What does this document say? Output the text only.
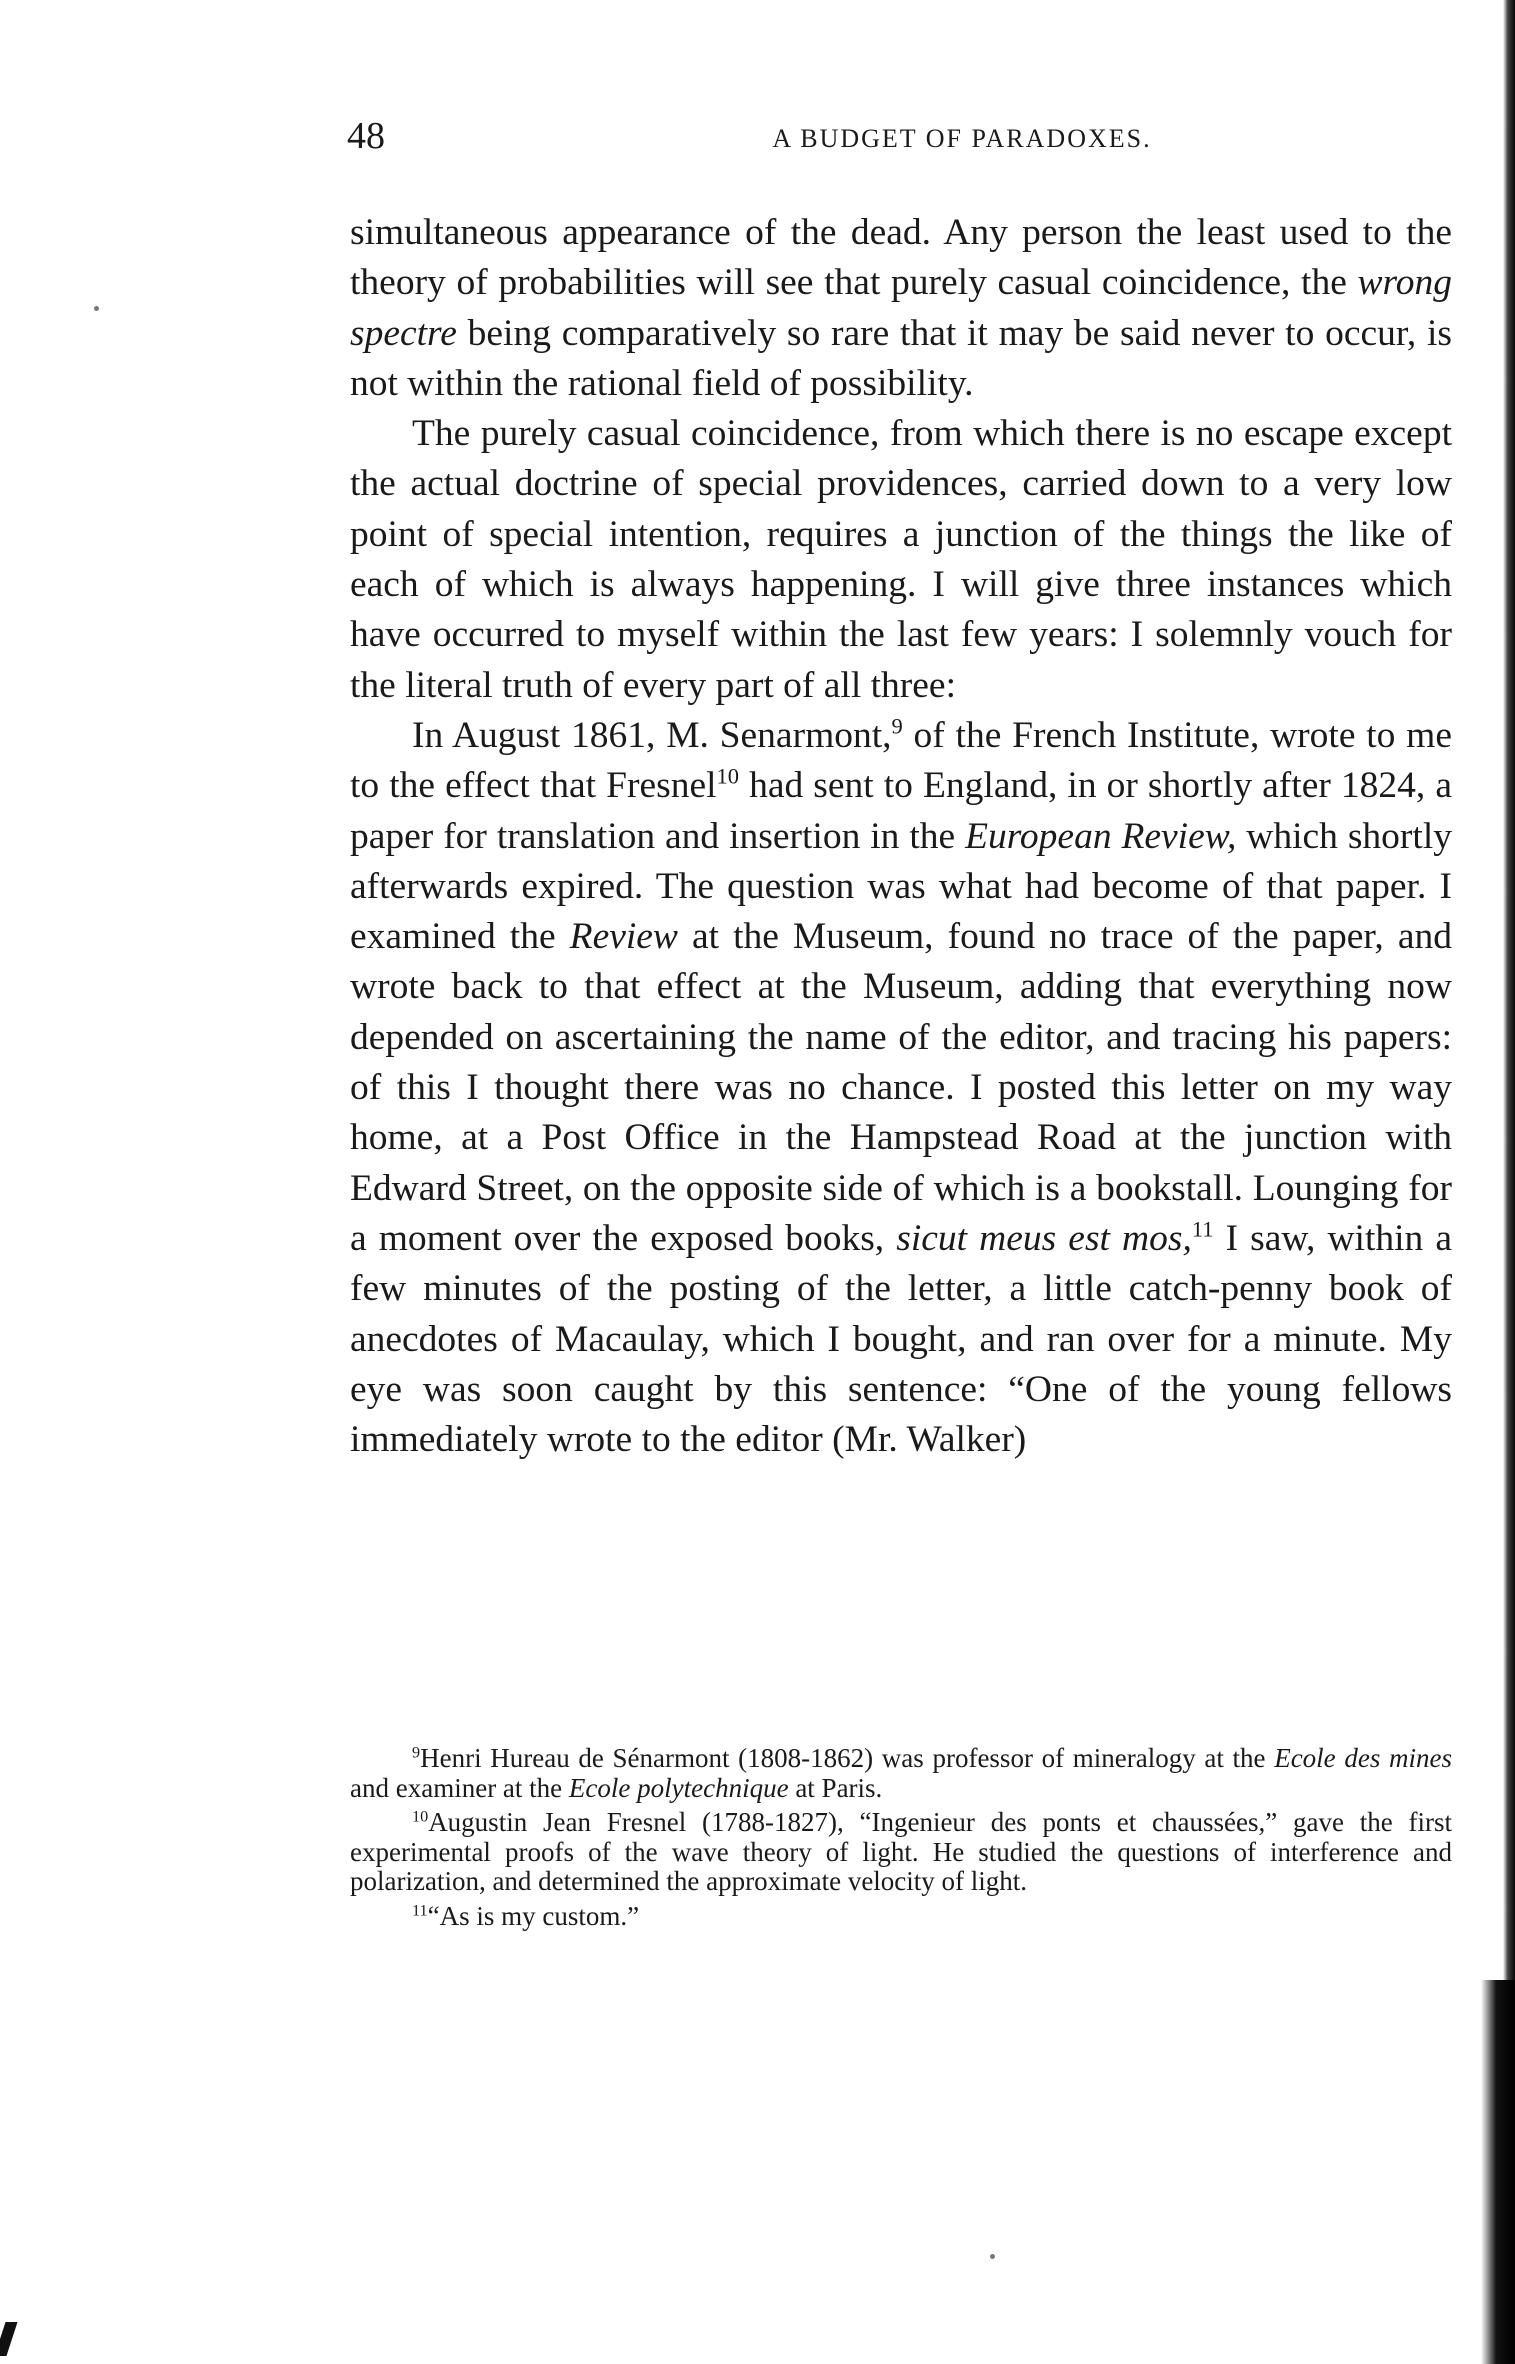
48	A BUDGET OF PARADOXES.

simultaneous appearance of the dead. Any person the least used to the theory of probabilities will see that purely casual coincidence, the wrong spectre being comparatively so rare that it may be said never to occur, is not within the rational field of possibility.

The purely casual coincidence, from which there is no escape except the actual doctrine of special providences, carried down to a very low point of special intention, requires a junction of the things the like of each of which is always happening. I will give three instances which have occurred to myself within the last few years: I solemnly vouch for the literal truth of every part of all three:

In August 1861, M. Senarmont,$^9$ of the French Institute, wrote to me to the effect that Fresnel$^{10}$ had sent to England, in or shortly after 1824, a paper for translation and insertion in the European Review, which shortly afterwards expired. The question was what had become of that paper. I examined the Review at the Museum, found no trace of the paper, and wrote back to that effect at the Museum, adding that everything now depended on ascertaining the name of the editor, and tracing his papers: of this I thought there was no chance. I posted this letter on my way home, at a Post Office in the Hampstead Road at the junction with Edward Street, on the opposite side of which is a bookstall. Lounging for a moment over the exposed books, sicut meus est mos,$^{11}$ I saw, within a few minutes of the posting of the letter, a little catch-penny book of anecdotes of Macaulay, which I bought, and ran over for a minute. My eye was soon caught by this sentence: “One of the young fellows immediately wrote to the editor (Mr. Walker)

$^9$Henri Hureau de Sénarmont (1808-1862) was professor of mineralogy at the Ecole des mines and examiner at the Ecole polytechnique at Paris.

$^{10}$Augustin Jean Fresnel (1788-1827), “Ingenieur des ponts et chaussées,” gave the first experimental proofs of the wave theory of light. He studied the questions of interference and polarization, and determined the approximate velocity of light.

$^{11}$“As is my custom.”
